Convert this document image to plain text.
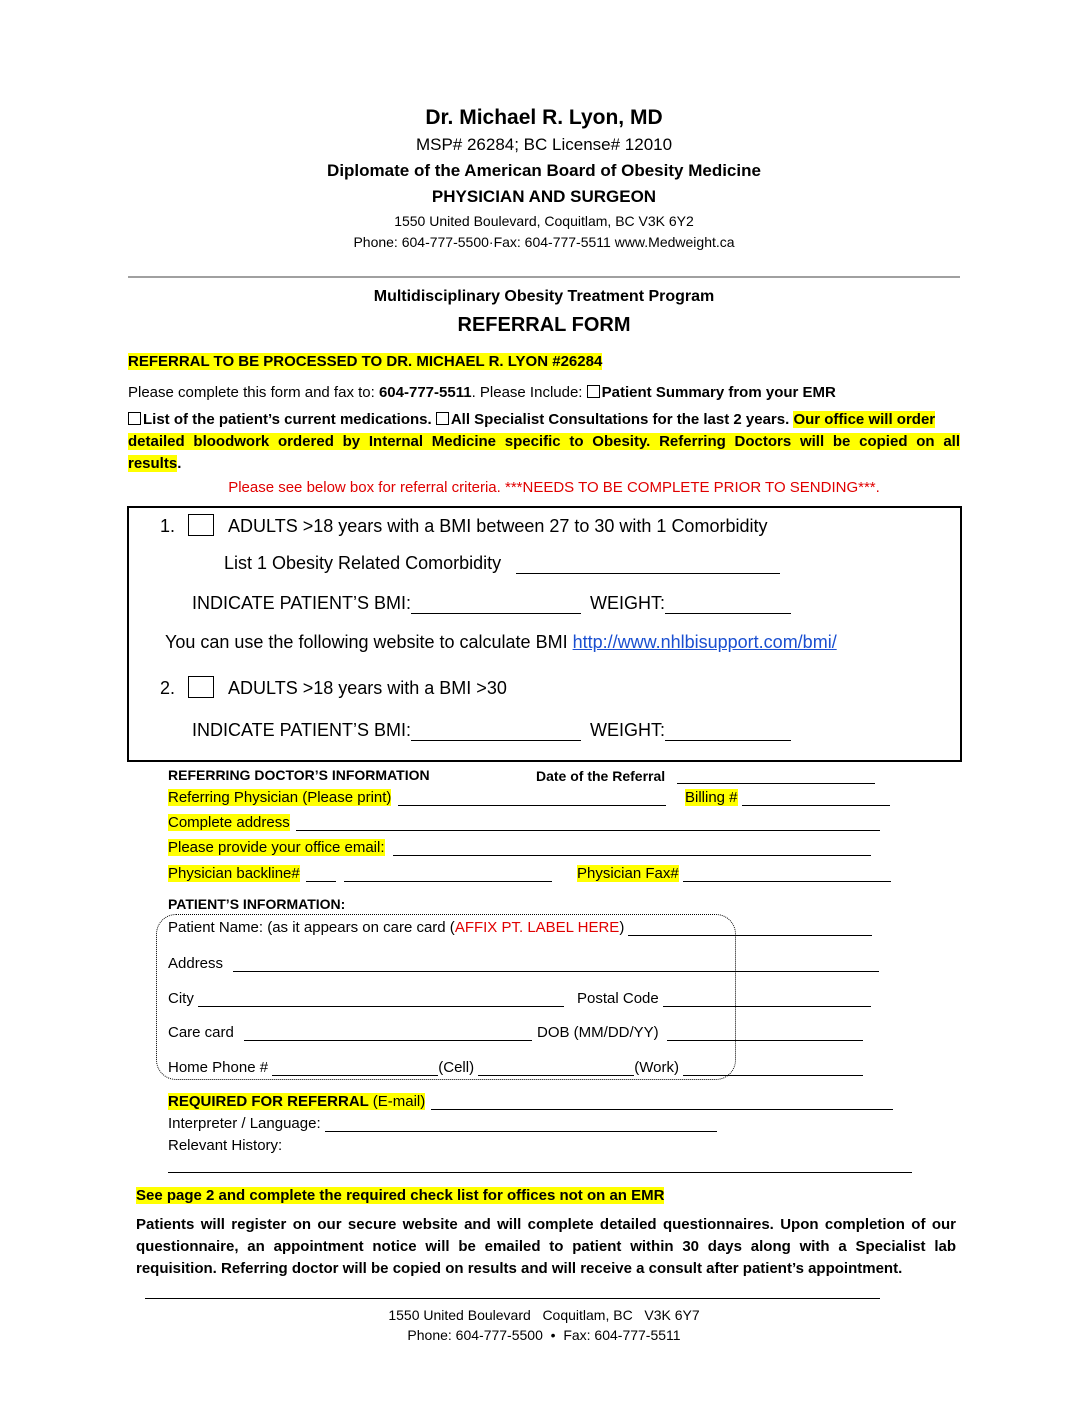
Dr. Michael R. Lyon, MD
MSP# 26284; BC License# 12010
Diplomate of the American Board of Obesity Medicine
PHYSICIAN AND SURGEON
1550 United Boulevard, Coquitlam, BC V3K 6Y2
Phone: 604-777-5500·Fax: 604-777-5511 www.Medweight.ca
Multidisciplinary Obesity Treatment Program
REFERRAL FORM
REFERRAL TO BE PROCESSED TO DR. MICHAEL R. LYON #26284
Please complete this form and fax to: 604-777-5511. Please Include: Patient Summary from your EMR
List of the patient’s current medications. All Specialist Consultations for the last 2 years. Our office will order
detailed bloodwork ordered by Internal Medicine specific to Obesity. Referring Doctors will be copied on all
results.
Please see below box for referral criteria. ***NEEDS TO BE COMPLETE PRIOR TO SENDING***.
1.	ADULTS >18 years with a BMI between 27 to 30 with 1 Comorbidity
List 1 Obesity Related Comorbidity
INDICATE PATIENT’S BMI:	WEIGHT:
You can use the following website to calculate BMI http://www.nhlbisupport.com/bmi/
2.	ADULTS >18 years with a BMI >30
INDICATE PATIENT’S BMI:	WEIGHT:
REFERRING DOCTOR’S INFORMATION	Date of the Referral
Referring Physician (Please print)	Billing #
Complete address
Please provide your office email:
Physician backline#	Physician Fax#
PATIENT’S INFORMATION:
Patient Name: (as it appears on care card (AFFIX PT. LABEL HERE)
Address
City	Postal Code
Care card	DOB (MM/DD/YY)
Home Phone #	(Cell)	(Work)
REQUIRED FOR REFERRAL (E-mail)
Interpreter / Language:
Relevant History:
See page 2 and complete the required check list for offices not on an EMR
Patients will register on our secure website and will complete detailed questionnaires. Upon completion of our questionnaire, an appointment notice will be emailed to patient within 30 days along with a Specialist lab requisition. Referring doctor will be copied on results and will receive a consult after patient’s appointment.
1550 United Boulevard   Coquitlam, BC   V3K 6Y7
Phone: 604-777-5500  •  Fax: 604-777-5511
